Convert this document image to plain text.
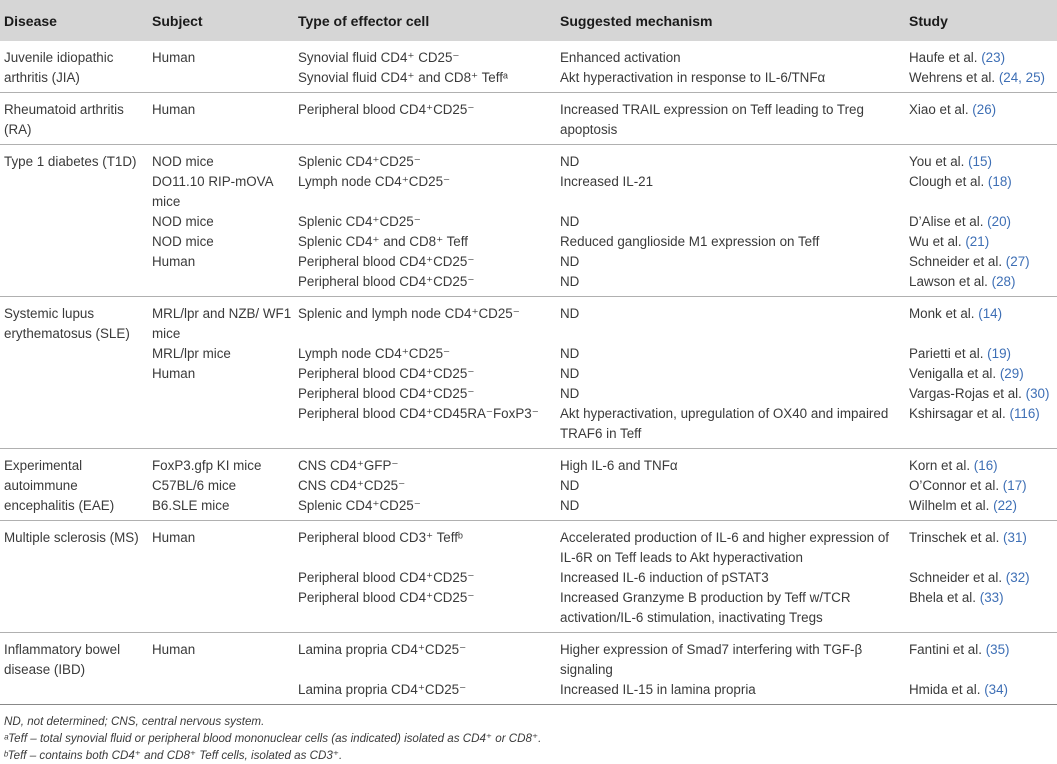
Disease	Subject	Type of effector cell	Suggested mechanism	Study
Juvenile idiopathic arthritis (JIA)	Human	Synovial fluid CD4⁺ CD25⁻	Enhanced activation	Haufe et al. (23)
		Synovial fluid CD4⁺ and CD8⁺ Teffᵃ	Akt hyperactivation in response to IL-6/TNFα	Wehrens et al. (24, 25)
Rheumatoid arthritis (RA)	Human	Peripheral blood CD4⁺CD25⁻	Increased TRAIL expression on Teff leading to Treg apoptosis	Xiao et al. (26)
Type 1 diabetes (T1D)	NOD mice	Splenic CD4⁺CD25⁻	ND	You et al. (15)
	DO11.10 RIP-mOVA mice	Lymph node CD4⁺CD25⁻	Increased IL-21	Clough et al. (18)
	NOD mice	Splenic CD4⁺CD25⁻	ND	D’Alise et al. (20)
	NOD mice	Splenic CD4⁺ and CD8⁺ Teff	Reduced ganglioside M1 expression on Teff	Wu et al. (21)
	Human	Peripheral blood CD4⁺CD25⁻	ND	Schneider et al. (27)
		Peripheral blood CD4⁺CD25⁻	ND	Lawson et al. (28)
Systemic lupus erythematosus (SLE)	MRL/lpr and NZB/ WF1 mice	Splenic and lymph node CD4⁺CD25⁻	ND	Monk et al. (14)
	MRL/lpr mice	Lymph node CD4⁺CD25⁻	ND	Parietti et al. (19)
	Human	Peripheral blood CD4⁺CD25⁻	ND	Venigalla et al. (29)
		Peripheral blood CD4⁺CD25⁻	ND	Vargas-Rojas et al. (30)
		Peripheral blood CD4⁺CD45RA⁻FoxP3⁻	Akt hyperactivation, upregulation of OX40 and impaired TRAF6 in Teff	Kshirsagar et al. (116)
Experimental autoimmune encephalitis (EAE)	FoxP3.gfp KI mice	CNS CD4⁺GFP⁻	High IL-6 and TNFα	Korn et al. (16)
	C57BL/6 mice	CNS CD4⁺CD25⁻	ND	O’Connor et al. (17)
	B6.SLE mice	Splenic CD4⁺CD25⁻	ND	Wilhelm et al. (22)
Multiple sclerosis (MS)	Human	Peripheral blood CD3⁺ Teffᵇ	Accelerated production of IL-6 and higher expression of IL-6R on Teff leads to Akt hyperactivation	Trinschek et al. (31)
		Peripheral blood CD4⁺CD25⁻	Increased IL-6 induction of pSTAT3	Schneider et al. (32)
		Peripheral blood CD4⁺CD25⁻	Increased Granzyme B production by Teff w/TCR activation/IL-6 stimulation, inactivating Tregs	Bhela et al. (33)
Inflammatory bowel disease (IBD)	Human	Lamina propria CD4⁺CD25⁻	Higher expression of Smad7 interfering with TGF-β signaling	Fantini et al. (35)
		Lamina propria CD4⁺CD25⁻	Increased IL-15 in lamina propria	Hmida et al. (34)
ND, not determined; CNS, central nervous system.
ᵃTeff – total synovial fluid or peripheral blood mononuclear cells (as indicated) isolated as CD4⁺ or CD8⁺.
ᵇTeff – contains both CD4⁺ and CD8⁺ Teff cells, isolated as CD3⁺.
